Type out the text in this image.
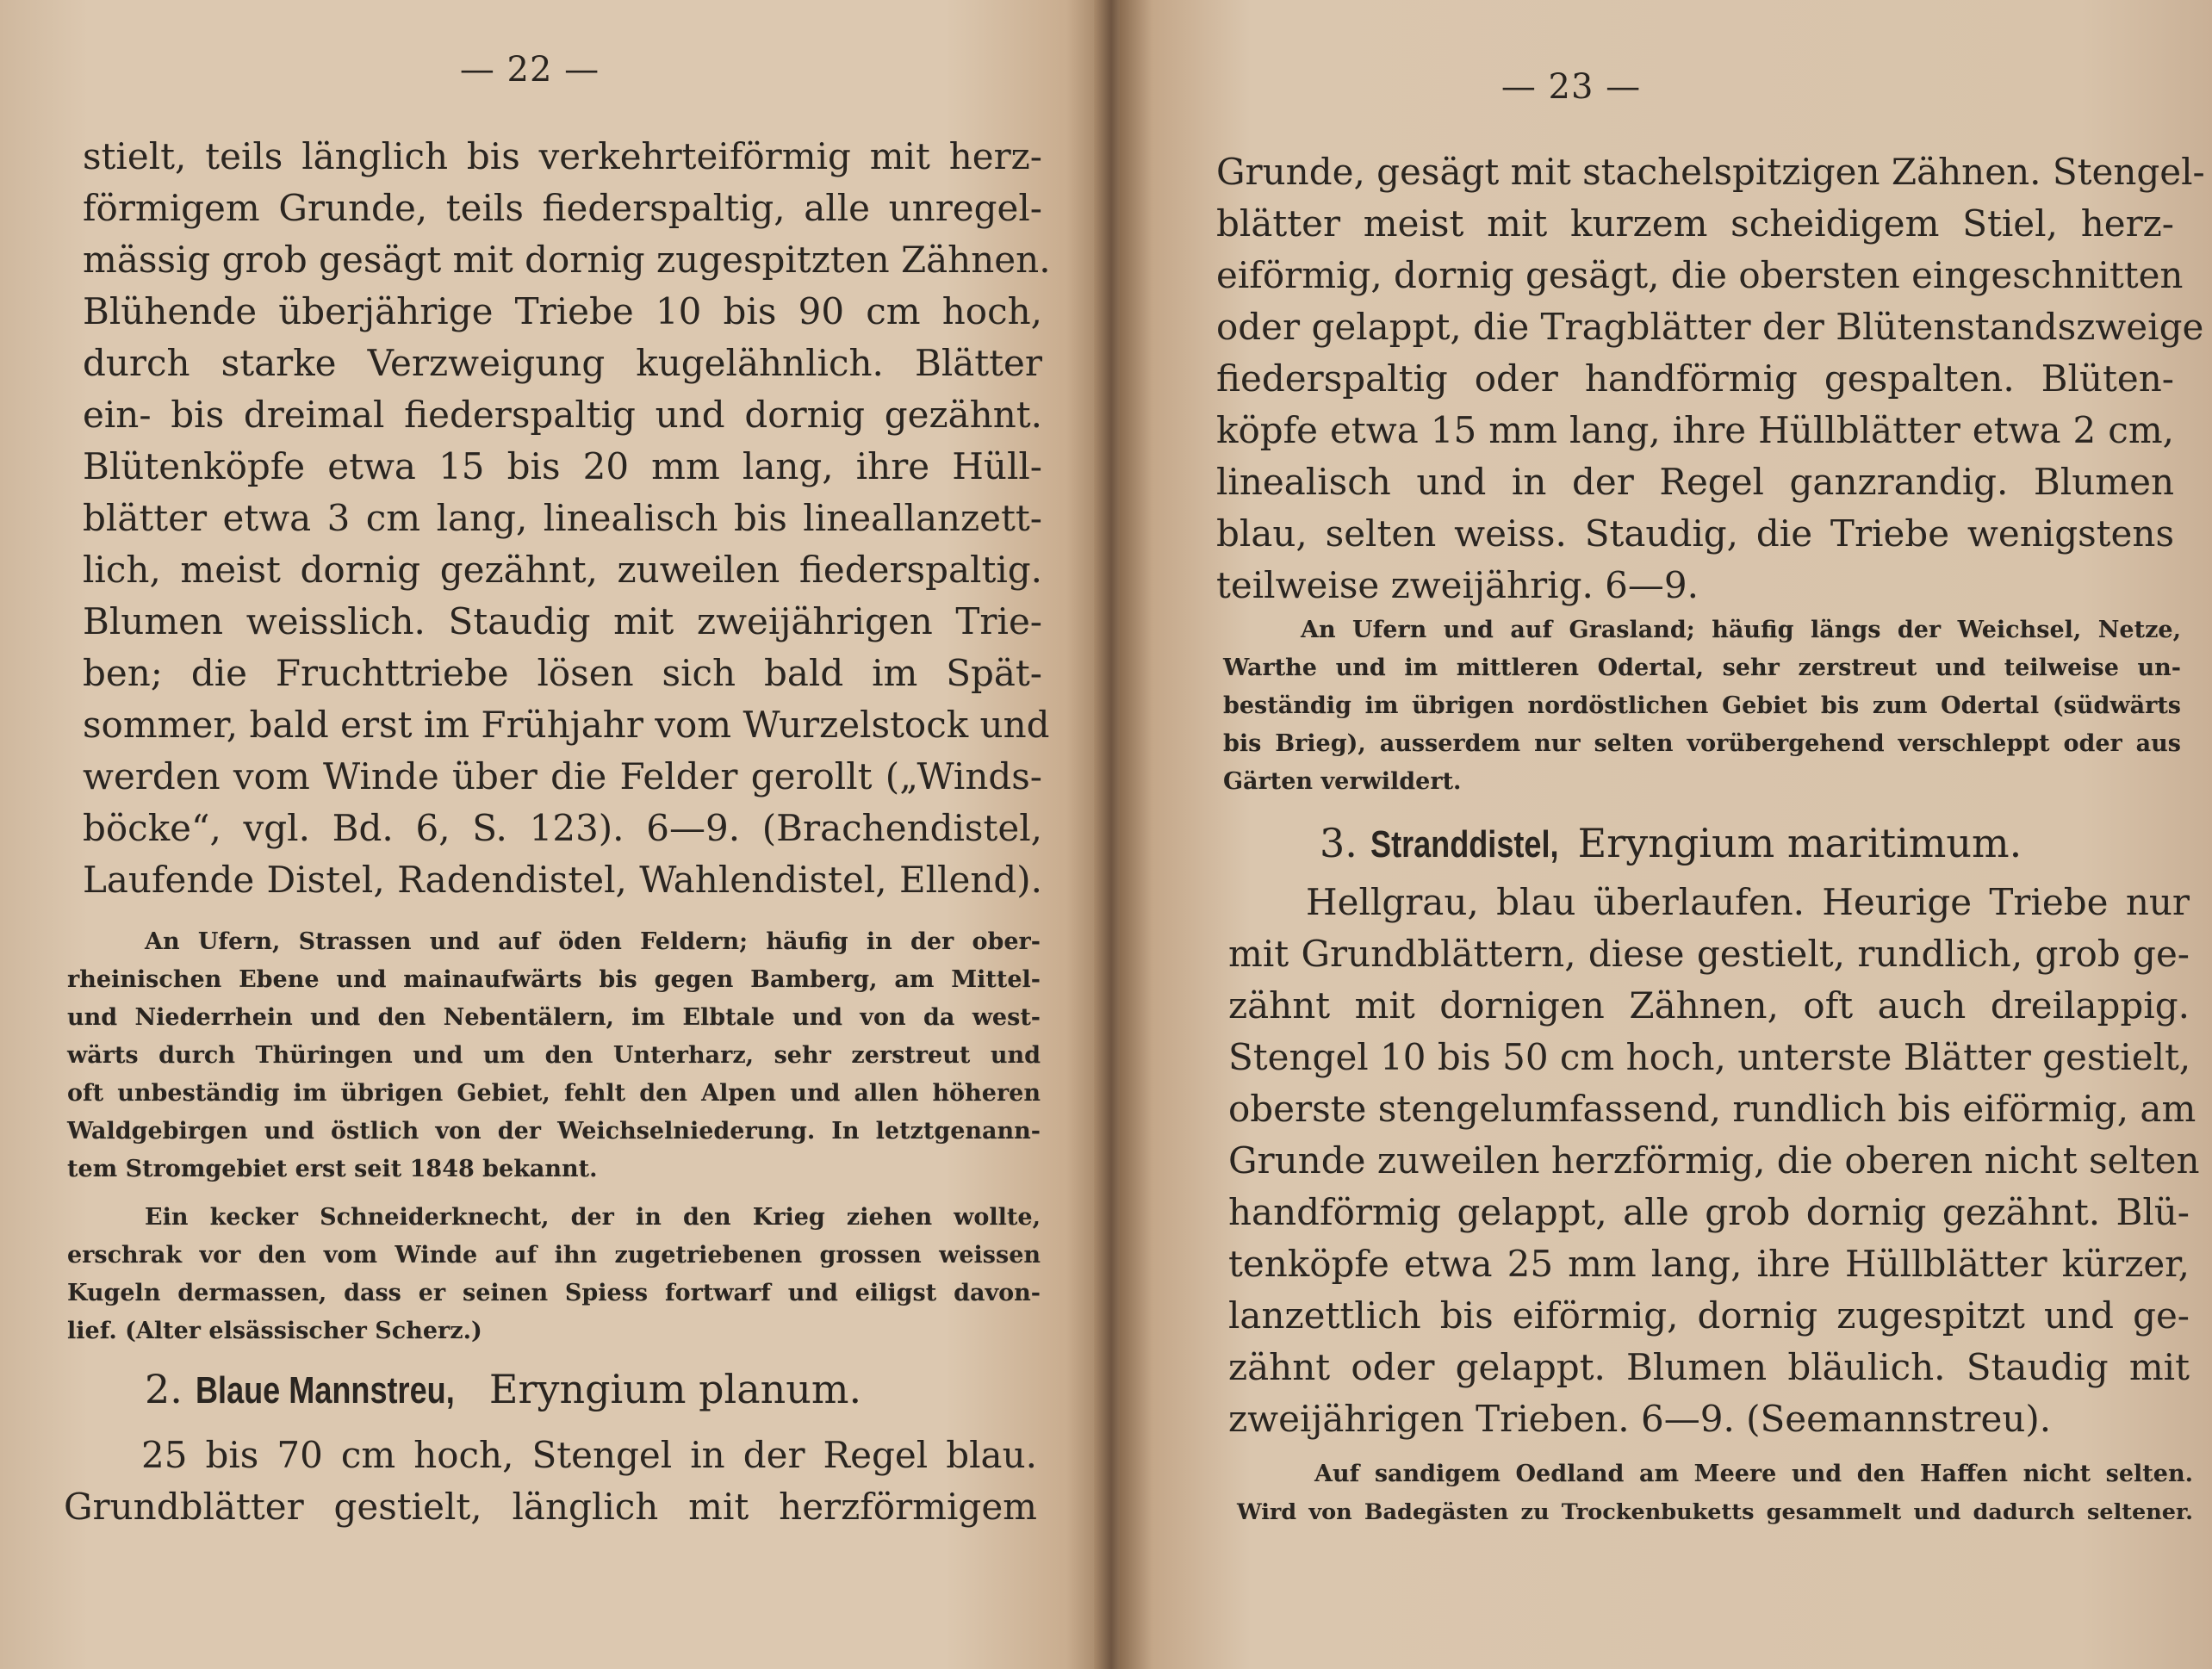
— 22 —
stielt, teils länglich bis verkehrteiförmig mit herz-
förmigem Grunde, teils fiederspaltig, alle unregel-
mässig grob gesägt mit dornig zugespitzten Zähnen.
Blühende überjährige Triebe 10 bis 90 cm hoch,
durch starke Verzweigung kugelähnlich. Blätter
ein- bis dreimal fiederspaltig und dornig gezähnt.
Blütenköpfe etwa 15 bis 20 mm lang, ihre Hüll-
blätter etwa 3 cm lang, linealisch bis lineallanzett-
lich, meist dornig gezähnt, zuweilen fiederspaltig.
Blumen weisslich. Staudig mit zweijährigen Trie-
ben; die Fruchttriebe lösen sich bald im Spät-
sommer, bald erst im Frühjahr vom Wurzelstock und
werden vom Winde über die Felder gerollt („Winds-
böcke“, vgl. Bd. 6, S. 123). 6—9. (Brachendistel,
Laufende Distel, Radendistel, Wahlendistel, Ellend).
An Ufern, Strassen und auf öden Feldern; häufig in der ober-
rheinischen Ebene und mainaufwärts bis gegen Bamberg, am Mittel-
und Niederrhein und den Nebentälern, im Elbtale und von da west-
wärts durch Thüringen und um den Unterharz, sehr zerstreut und
oft unbeständig im übrigen Gebiet, fehlt den Alpen und allen höheren
Waldgebirgen und östlich von der Weichselniederung. In letztgenann-
tem Stromgebiet erst seit 1848 bekannt.
Ein kecker Schneiderknecht, der in den Krieg ziehen wollte,
erschrak vor den vom Winde auf ihn zugetriebenen grossen weissen
Kugeln dermassen, dass er seinen Spiess fortwarf und eiligst davon-
lief. (Alter elsässischer Scherz.)
2. Blaue Mannstreu, Eryngium planum.
25 bis 70 cm hoch, Stengel in der Regel blau.
Grundblätter gestielt, länglich mit herzförmigem
— 23 —
Grunde, gesägt mit stachelspitzigen Zähnen. Stengel-
blätter meist mit kurzem scheidigem Stiel, herz-
eiförmig, dornig gesägt, die obersten eingeschnitten
oder gelappt, die Tragblätter der Blütenstandszweige
fiederspaltig oder handförmig gespalten. Blüten-
köpfe etwa 15 mm lang, ihre Hüllblätter etwa 2 cm,
linealisch und in der Regel ganzrandig. Blumen
blau, selten weiss. Staudig, die Triebe wenigstens
teilweise zweijährig. 6—9.
An Ufern und auf Grasland; häufig längs der Weichsel, Netze,
Warthe und im mittleren Odertal, sehr zerstreut und teilweise un-
beständig im übrigen nordöstlichen Gebiet bis zum Odertal (südwärts
bis Brieg), ausserdem nur selten vorübergehend verschleppt oder aus
Gärten verwildert.
3. Stranddistel, Eryngium maritimum.
Hellgrau, blau überlaufen. Heurige Triebe nur
mit Grundblättern, diese gestielt, rundlich, grob ge-
zähnt mit dornigen Zähnen, oft auch dreilappig.
Stengel 10 bis 50 cm hoch, unterste Blätter gestielt,
oberste stengelumfassend, rundlich bis eiförmig, am
Grunde zuweilen herzförmig, die oberen nicht selten
handförmig gelappt, alle grob dornig gezähnt. Blü-
tenköpfe etwa 25 mm lang, ihre Hüllblätter kürzer,
lanzettlich bis eiförmig, dornig zugespitzt und ge-
zähnt oder gelappt. Blumen bläulich. Staudig mit
zweijährigen Trieben. 6—9. (Seemannstreu).
Auf sandigem Oedland am Meere und den Haffen nicht selten.
Wird von Badegästen zu Trockenbuketts gesammelt und dadurch seltener.
